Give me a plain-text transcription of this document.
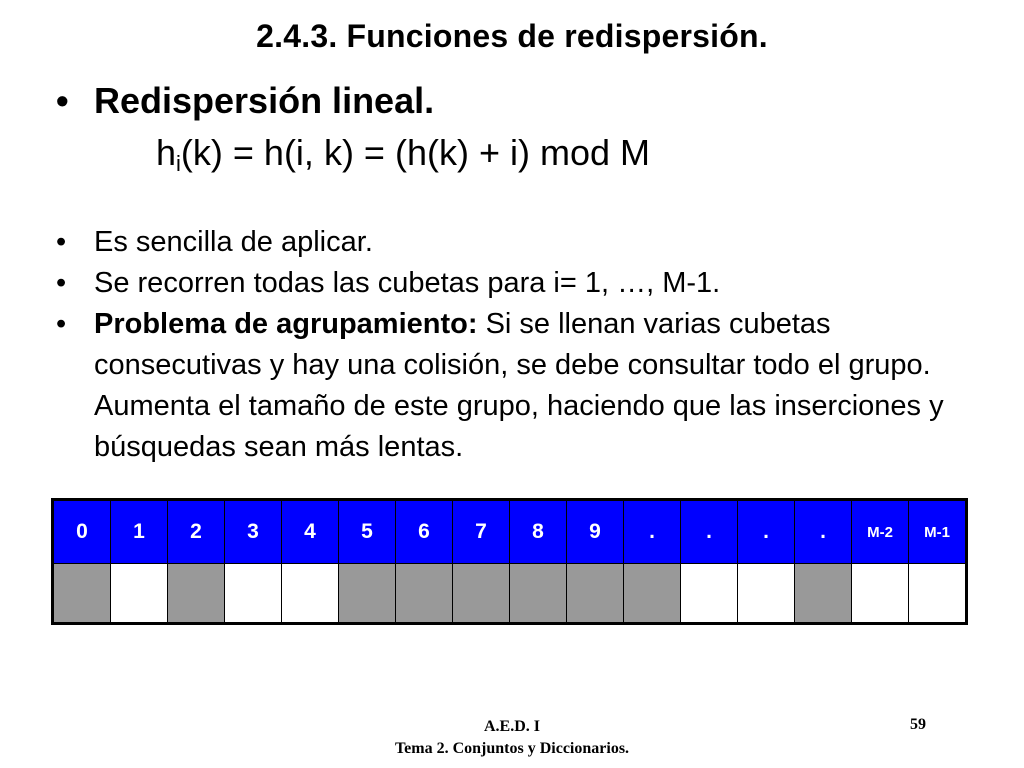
2.4.3. Funciones de redispersión.
• Redispersión lineal.
$h_i(k) = h(i$, k) = (h(k) + i) mod M
• Es sencilla de aplicar.
• Se recorren todas las cubetas para i= 1, …, M-1.
• Problema de agrupamiento: Si se llenan varias cubetas consecutivas y hay una colisión, se debe consultar todo el grupo. Aumenta el tamaño de este grupo, haciendo que las inserciones y búsquedas sean más lentas.
0	1	2	3	4	5	6	7	8	9	.	.	.	.	M-2	M-1

A.E.D. I
Tema 2. Conjuntos y Diccionarios.
59
